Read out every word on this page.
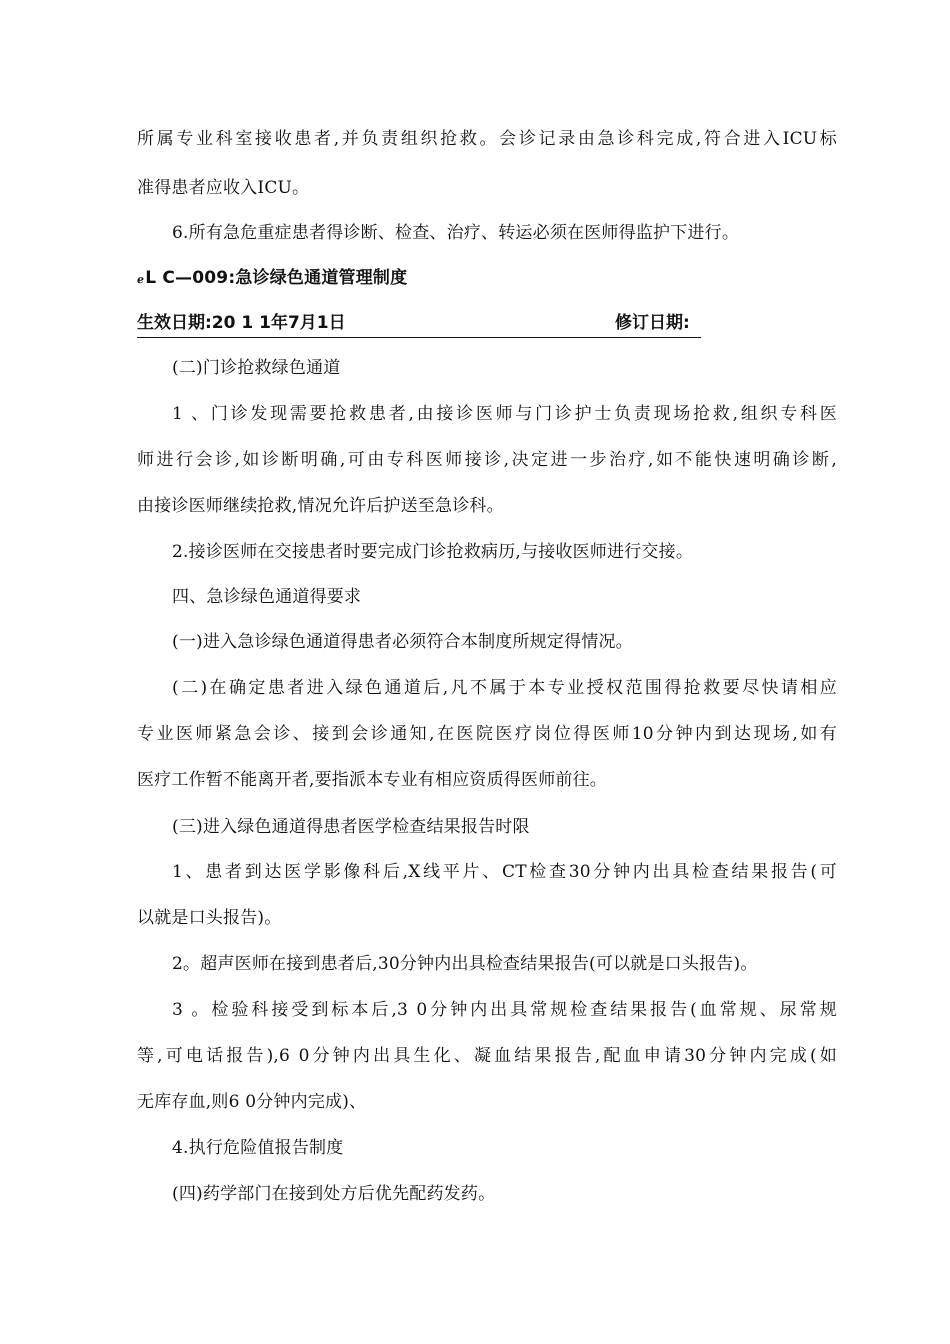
所属专业科室接收患者,并负责组织抢救。会诊记录由急诊科完成,符合进入ICU标
准得患者应收入ICU。
6.所有急危重症患者得诊断、检查、治疗、转运必须在医师得监护下进行。
ℯL C—009:急诊绿色通道管理制度
生效日期:20 1 1年7月1日	修订日期:
(二)门诊抢救绿色通道
1 、门诊发现需要抢救患者,由接诊医师与门诊护士负责现场抢救,组织专科医
师进行会诊,如诊断明确,可由专科医师接诊,决定进一步治疗,如不能快速明确诊断,
由接诊医师继续抢救,情况允许后护送至急诊科。
2.接诊医师在交接患者时要完成门诊抢救病历,与接收医师进行交接。
四、急诊绿色通道得要求
(一)进入急诊绿色通道得患者必须符合本制度所规定得情况。
(二)在确定患者进入绿色通道后,凡不属于本专业授权范围得抢救要尽快请相应
专业医师紧急会诊、接到会诊通知,在医院医疗岗位得医师10分钟内到达现场,如有
医疗工作暂不能离开者,要指派本专业有相应资质得医师前往。
(三)进入绿色通道得患者医学检查结果报告时限
1、患者到达医学影像科后,X线平片、CT检查30分钟内出具检查结果报告(可
以就是口头报告)。
2。超声医师在接到患者后,30分钟内出具检查结果报告(可以就是口头报告)。
3 。检验科接受到标本后,3 0分钟内出具常规检查结果报告(血常规、尿常规
等,可电话报告),6 0分钟内出具生化、凝血结果报告,配血申请30分钟内完成(如
无库存血,则6 0分钟内完成)、
4.执行危险值报告制度
(四)药学部门在接到处方后优先配药发药。
